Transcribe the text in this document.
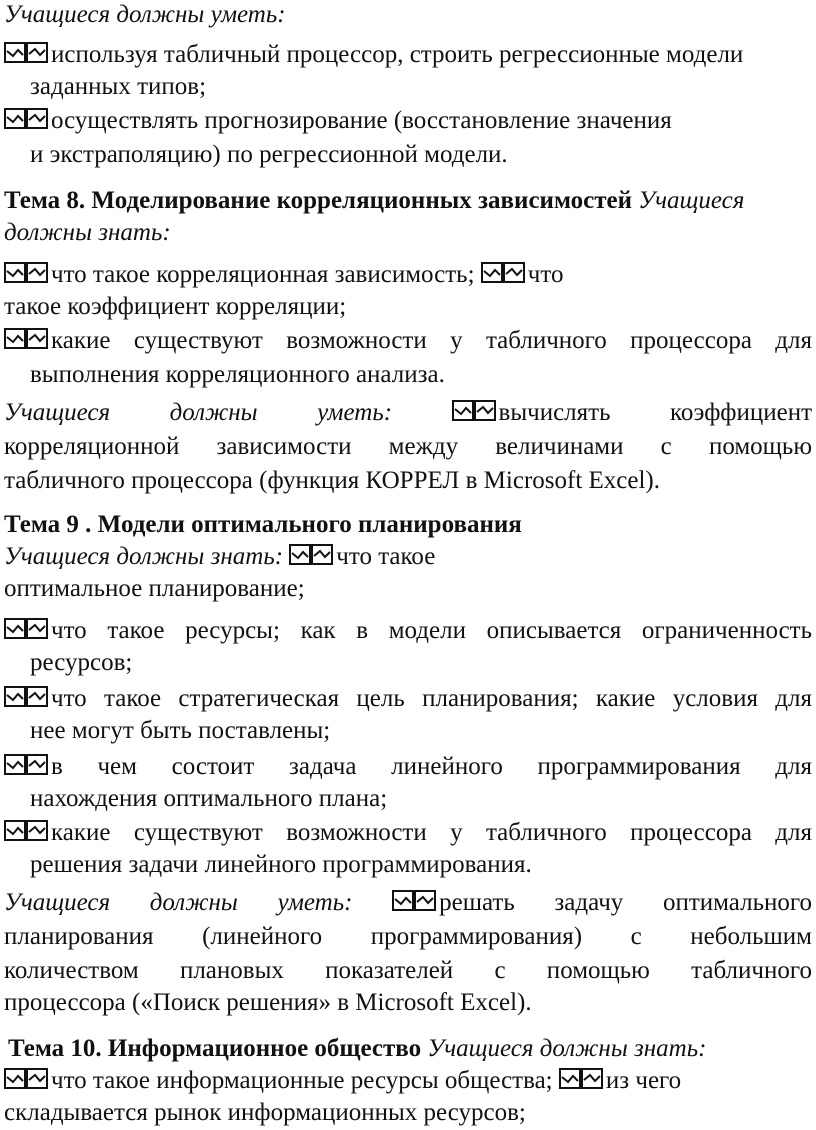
Учащиеся должны уметь:
используя табличный процессор, строить регрессионные модели
заданных типов;
осуществлять прогнозирование (восстановление значения
и экстраполяцию) по регрессионной модели.
Тема 8. Моделирование корреляционных зависимостей Учащиеся
должны знать:
что такое корреляционная зависимость; что
такое коэффициент корреляции;
какие существуют возможности у табличного процессора для
выполнения корреляционного анализа.
Учащиеся должны уметь:	вычислять коэффициент
корреляционной зависимости между величинами с помощью
табличного процессора (функция КОРРЕЛ в Microsoft Excel).
Тема 9 . Модели оптимального планирования
Учащиеся должны знать: что такое
оптимальное планирование;
что такое ресурсы; как в модели описывается ограниченность
ресурсов;
что такое стратегическая цель планирования; какие условия для
нее могут быть поставлены;
в чем состоит задача линейного программирования для
нахождения оптимального плана;
какие существуют возможности у табличного процессора для
решения задачи линейного программирования.
Учащиеся должны уметь:	решать задачу оптимального
планирования (линейного программирования) с небольшим
количеством плановых показателей с помощью табличного
процессора («Поиск решения» в Microsoft Excel).
Тема 10. Информационное общество Учащиеся должны знать:
что такое информационные ресурсы общества; из чего
складывается рынок информационных ресурсов;
